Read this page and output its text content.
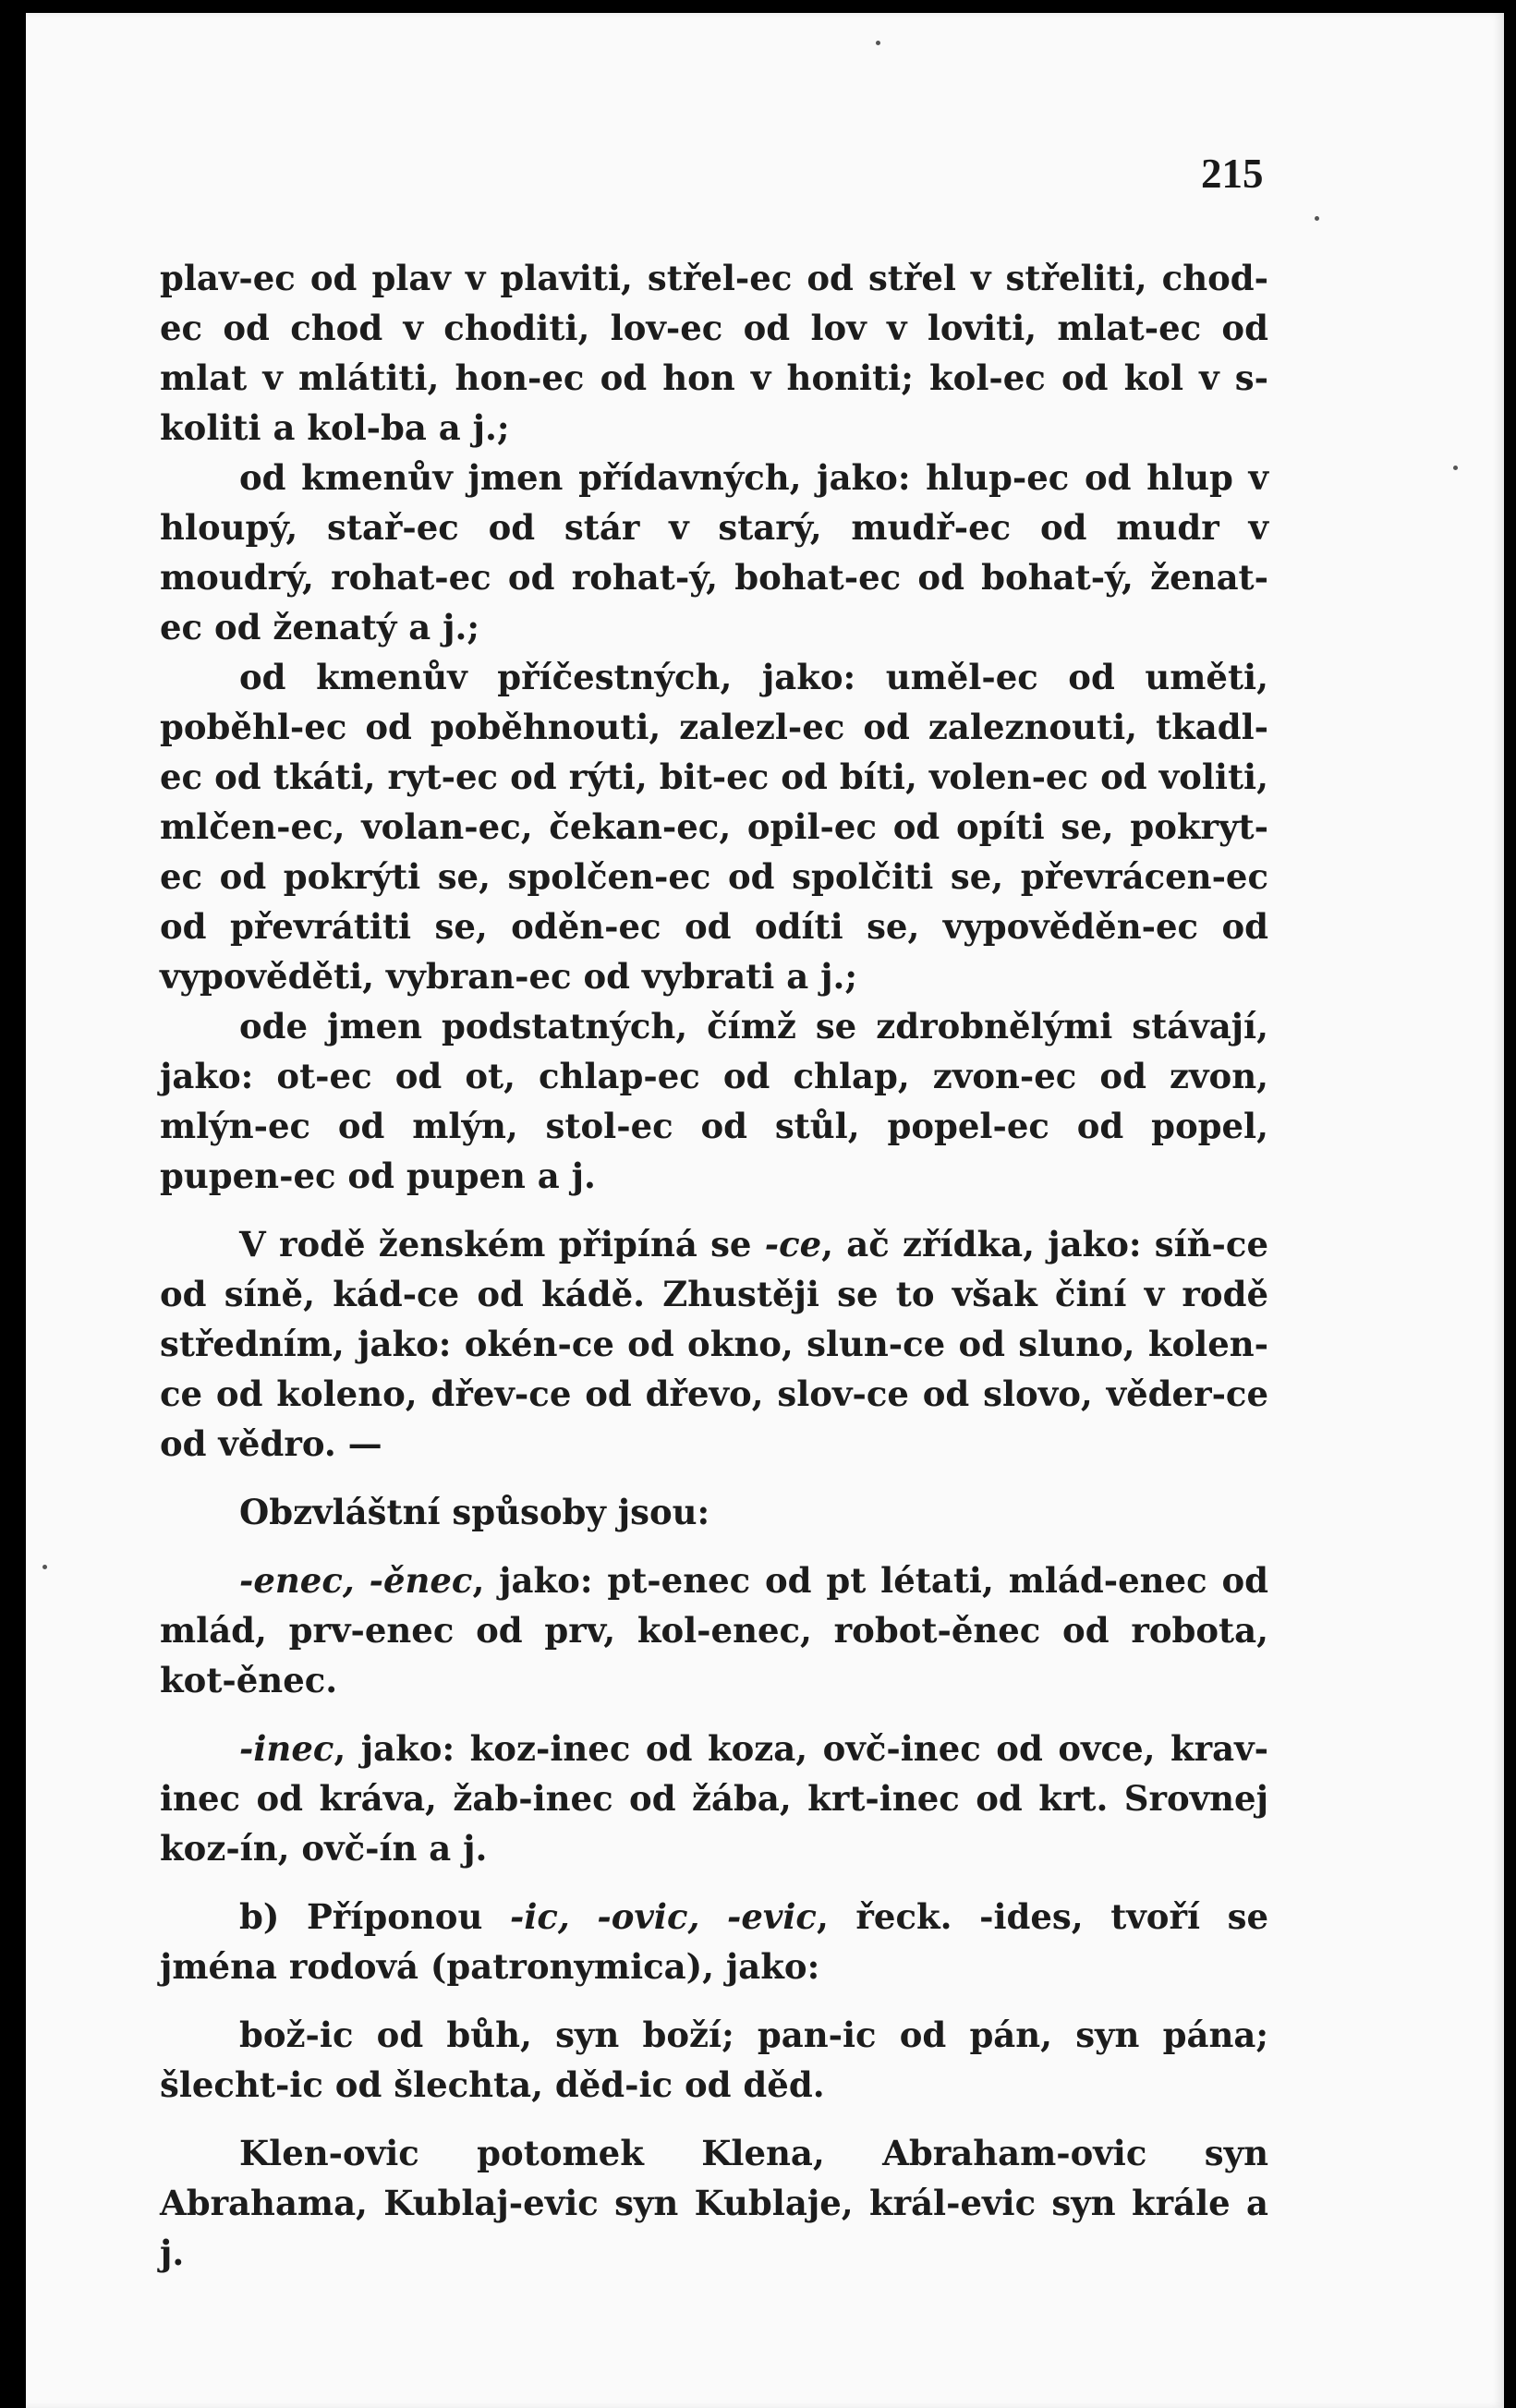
215

plav-ec od plav v plaviti, střel-ec od střel v střeliti, chod-ec od chod v choditi, lov-ec od lov v loviti, mlat-ec od mlat v mlátiti, hon-ec od hon v honiti; kol-ec od kol v s-koliti a kol-ba a j.;

od kmenův jmen přídavných, jako: hlup-ec od hlup v hloupý, stař-ec od stár v starý, mudř-ec od mudr v moudrý, rohat-ec od rohat-ý, bohat-ec od bohat-ý, ženat-ec od ženatý a j.;

od kmenův příčestných, jako: uměl-ec od uměti, poběhl-ec od poběhnouti, zalezl-ec od zaleznouti, tkadl-ec od tkáti, ryt-ec od rýti, bit-ec od bíti, volen-ec od voliti, mlčen-ec, volan-ec, čekan-ec, opil-ec od opíti se, pokryt-ec od pokrýti se, spolčen-ec od spolčiti se, převrácen-ec od převrátiti se, oděn-ec od odíti se, vypověděn-ec od vypověděti, vybran-ec od vybrati a j.;

ode jmen podstatných, čímž se zdrobnělými stávají, jako: ot-ec od ot, chlap-ec od chlap, zvon-ec od zvon, mlýn-ec od mlýn, stol-ec od stůl, popel-ec od popel, pupen-ec od pupen a j.

V rodě ženském připíná se -ce, ač zřídka, jako: síň-ce od síně, kád-ce od kádě. Zhustěji se to však činí v rodě středním, jako: okén-ce od okno, slun-ce od sluno, kolen-ce od koleno, dřev-ce od dřevo, slov-ce od slovo, věder-ce od vědro. —

Obzvláštní spůsoby jsou:

-enec, -ěnec, jako: pt-enec od pt létati, mlád-enec od mlád, prv-enec od prv, kol-enec, robot-ěnec od robota, kot-ěnec.

-inec, jako: koz-inec od koza, ovč-inec od ovce, krav-inec od kráva, žab-inec od žába, krt-inec od krt. Srovnej koz-ín, ovč-ín a j.

b) Příponou -ic, -ovic, -evic, řeck. -ides, tvoří se jména rodová (patronymica), jako:

bož-ic od bůh, syn boží; pan-ic od pán, syn pána; šlecht-ic od šlechta, děd-ic od děd.

Klen-ovic potomek Klena, Abraham-ovic syn Abrahama, Kublaj-evic syn Kublaje, král-evic syn krále a j.
